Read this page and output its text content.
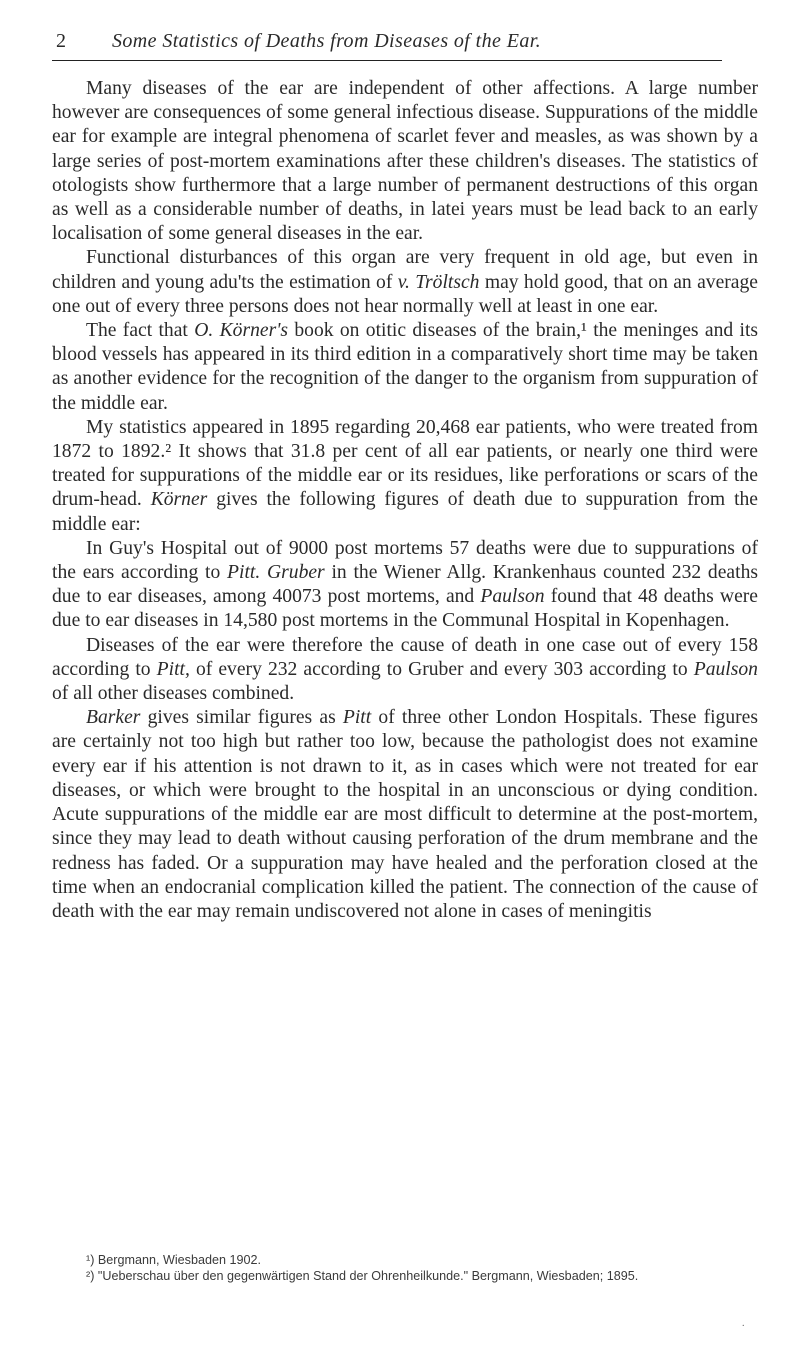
2	Some Statistics of Deaths from Diseases of the Ear.

Many diseases of the ear are independent of other affections. A large number however are consequences of some general infectious disease. Suppurations of the middle ear for example are integral phenomena of scarlet fever and measles, as was shown by a large series of post-mortem examinations after these children's diseases. The statistics of otologists show furthermore that a large number of permanent destructions of this organ as well as a considerable number of deaths, in latei years must be lead back to an early localisation of some general diseases in the ear.

Functional disturbances of this organ are very frequent in old age, but even in children and young adu'ts the estimation of v. Tröltsch may hold good, that on an average one out of every three persons does not hear normally well at least in one ear.

The fact that O. Körner's book on otitic diseases of the brain,¹ the meninges and its blood vessels has appeared in its third edition in a comparatively short time may be taken as another evidence for the recognition of the danger to the organism from suppuration of the middle ear.

My statistics appeared in 1895 regarding 20,468 ear patients, who were treated from 1872 to 1892.² It shows that 31.8 per cent of all ear patients, or nearly one third were treated for suppurations of the middle ear or its residues, like perforations or scars of the drum-head. Körner gives the following figures of death due to suppuration from the middle ear:

In Guy's Hospital out of 9000 post mortems 57 deaths were due to suppurations of the ears according to Pitt. Gruber in the Wiener Allg. Krankenhaus counted 232 deaths due to ear diseases, among 40073 post mortems, and Paulson found that 48 deaths were due to ear diseases in 14,580 post mortems in the Communal Hospital in Kopenhagen.

Diseases of the ear were therefore the cause of death in one case out of every 158 according to Pitt, of every 232 according to Gruber and every 303 according to Paulson of all other diseases combined.

Barker gives similar figures as Pitt of three other London Hospitals. These figures are certainly not too high but rather too low, because the pathologist does not examine every ear if his attention is not drawn to it, as in cases which were not treated for ear diseases, or which were brought to the hospital in an unconscious or dying condition. Acute suppurations of the middle ear are most difficult to determine at the post-mortem, since they may lead to death without causing perforation of the drum membrane and the redness has faded. Or a suppuration may have healed and the perforation closed at the time when an endocranial complication killed the patient. The connection of the cause of death with the ear may remain undiscovered not alone in cases of meningitis

¹) Bergmann, Wiesbaden 1902.

²) "Ueberschau über den gegenwärtigen Stand der Ohrenheilkunde." Bergmann, Wiesbaden; 1895.

.
